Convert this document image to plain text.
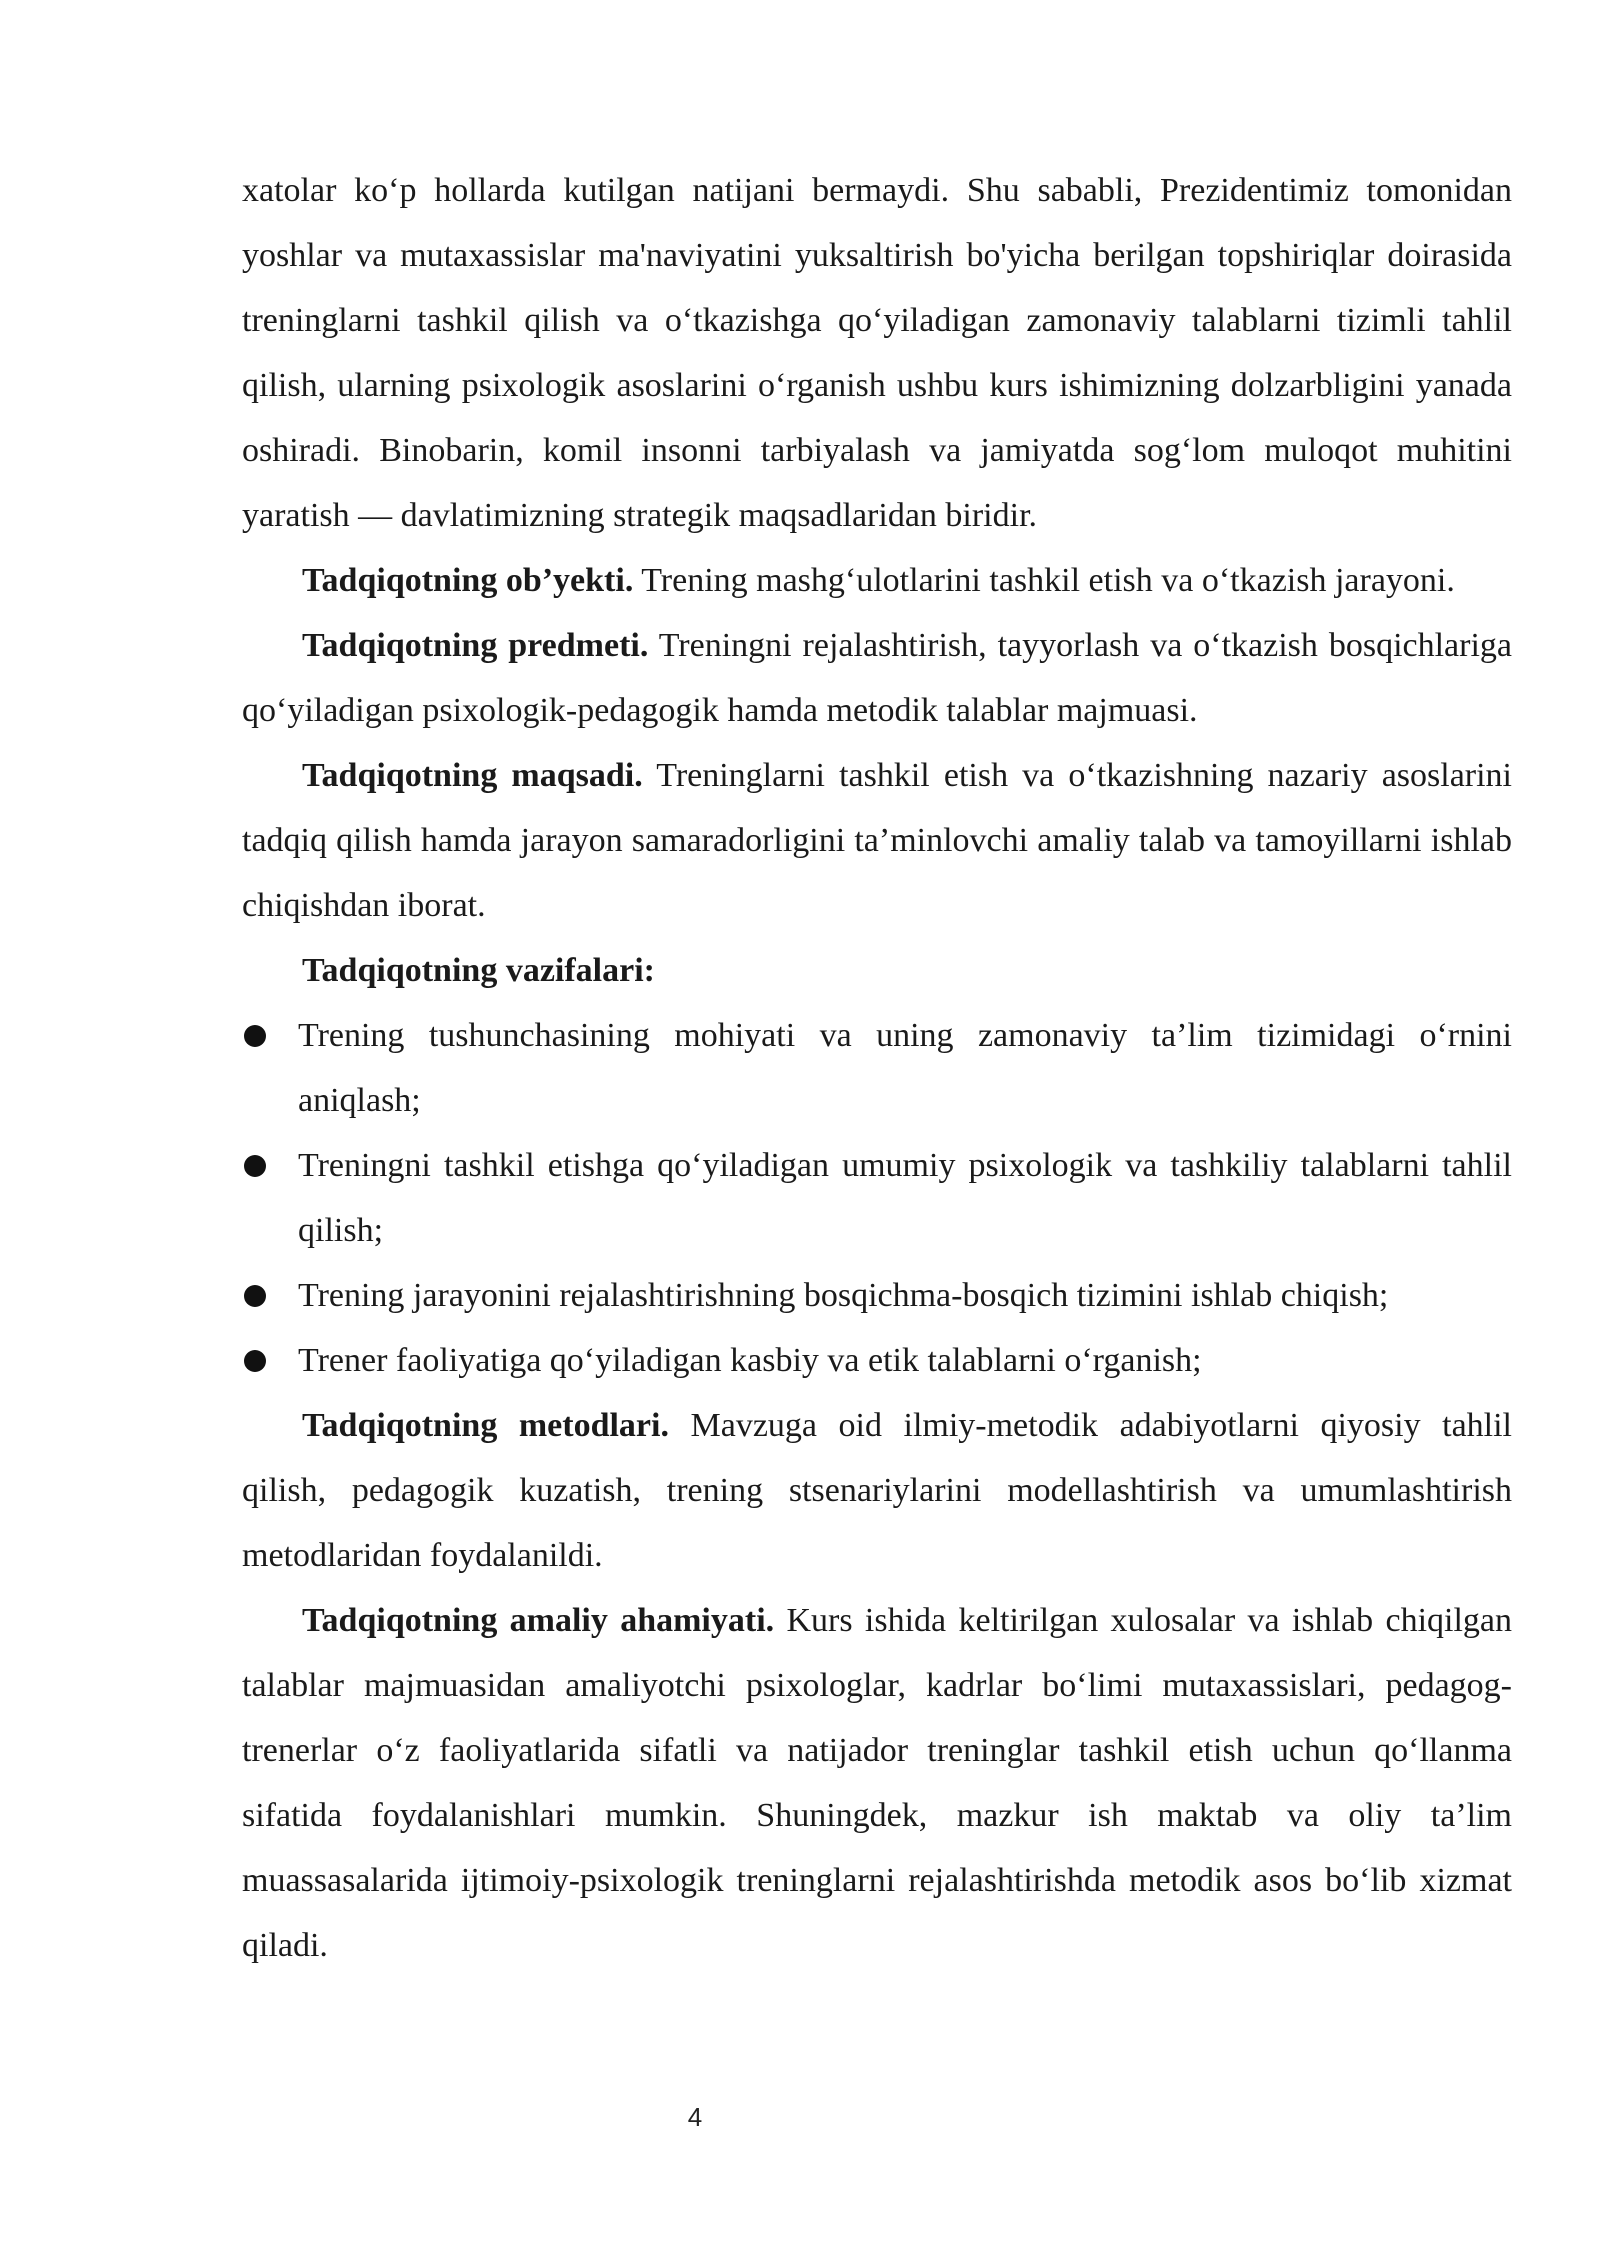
xatolar ko‘p hollarda kutilgan natijani bermaydi. Shu sababli, Prezidentimiz tomonidan yoshlar va mutaxassislar ma'naviyatini yuksaltirish bo'yicha berilgan topshiriqlar doirasida treninglarni tashkil qilish va o‘tkazishga qo‘yiladigan zamonaviy talablarni tizimli tahlil qilish, ularning psixologik asoslarini o‘rganish ushbu kurs ishimizning dolzarbligini yanada oshiradi. Binobarin, komil insonni tarbiyalash va jamiyatda sog‘lom muloqot muhitini yaratish — davlatimizning strategik maqsadlaridan biridir.

Tadqiqotning ob’yekti. Trening mashg‘ulotlarini tashkil etish va o‘tkazish jarayoni.

Tadqiqotning predmeti. Treningni rejalashtirish, tayyorlash va o‘tkazish bosqichlariga qo‘yiladigan psixologik-pedagogik hamda metodik talablar majmuasi.

Tadqiqotning maqsadi. Treninglarni tashkil etish va o‘tkazishning nazariy asoslarini tadqiq qilish hamda jarayon samaradorligini ta’minlovchi amaliy talab va tamoyillarni ishlab chiqishdan iborat.

Tadqiqotning vazifalari:

Trening tushunchasining mohiyati va uning zamonaviy ta’lim tizimidagi o‘rnini aniqlash;
Treningni tashkil etishga qo‘yiladigan umumiy psixologik va tashkiliy talablarni tahlil qilish;
Trening jarayonini rejalashtirishning bosqichma-bosqich tizimini ishlab chiqish;
Trener faoliyatiga qo‘yiladigan kasbiy va etik talablarni o‘rganish;

Tadqiqotning metodlari. Mavzuga oid ilmiy-metodik adabiyotlarni qiyosiy tahlil qilish, pedagogik kuzatish, trening stsenariylarini modellashtirish va umumlashtirish metodlaridan foydalanildi.

Tadqiqotning amaliy ahamiyati. Kurs ishida keltirilgan xulosalar va ishlab chiqilgan talablar majmuasidan amaliyotchi psixologlar, kadrlar bo‘limi mutaxassislari, pedagog-trenerlar o‘z faoliyatlarida sifatli va natijador treninglar tashkil etish uchun qo‘llanma sifatida foydalanishlari mumkin. Shuningdek, mazkur ish maktab va oliy ta’lim muassasalarida ijtimoiy-psixologik treninglarni rejalashtirishda metodik asos bo‘lib xizmat qiladi.

4
